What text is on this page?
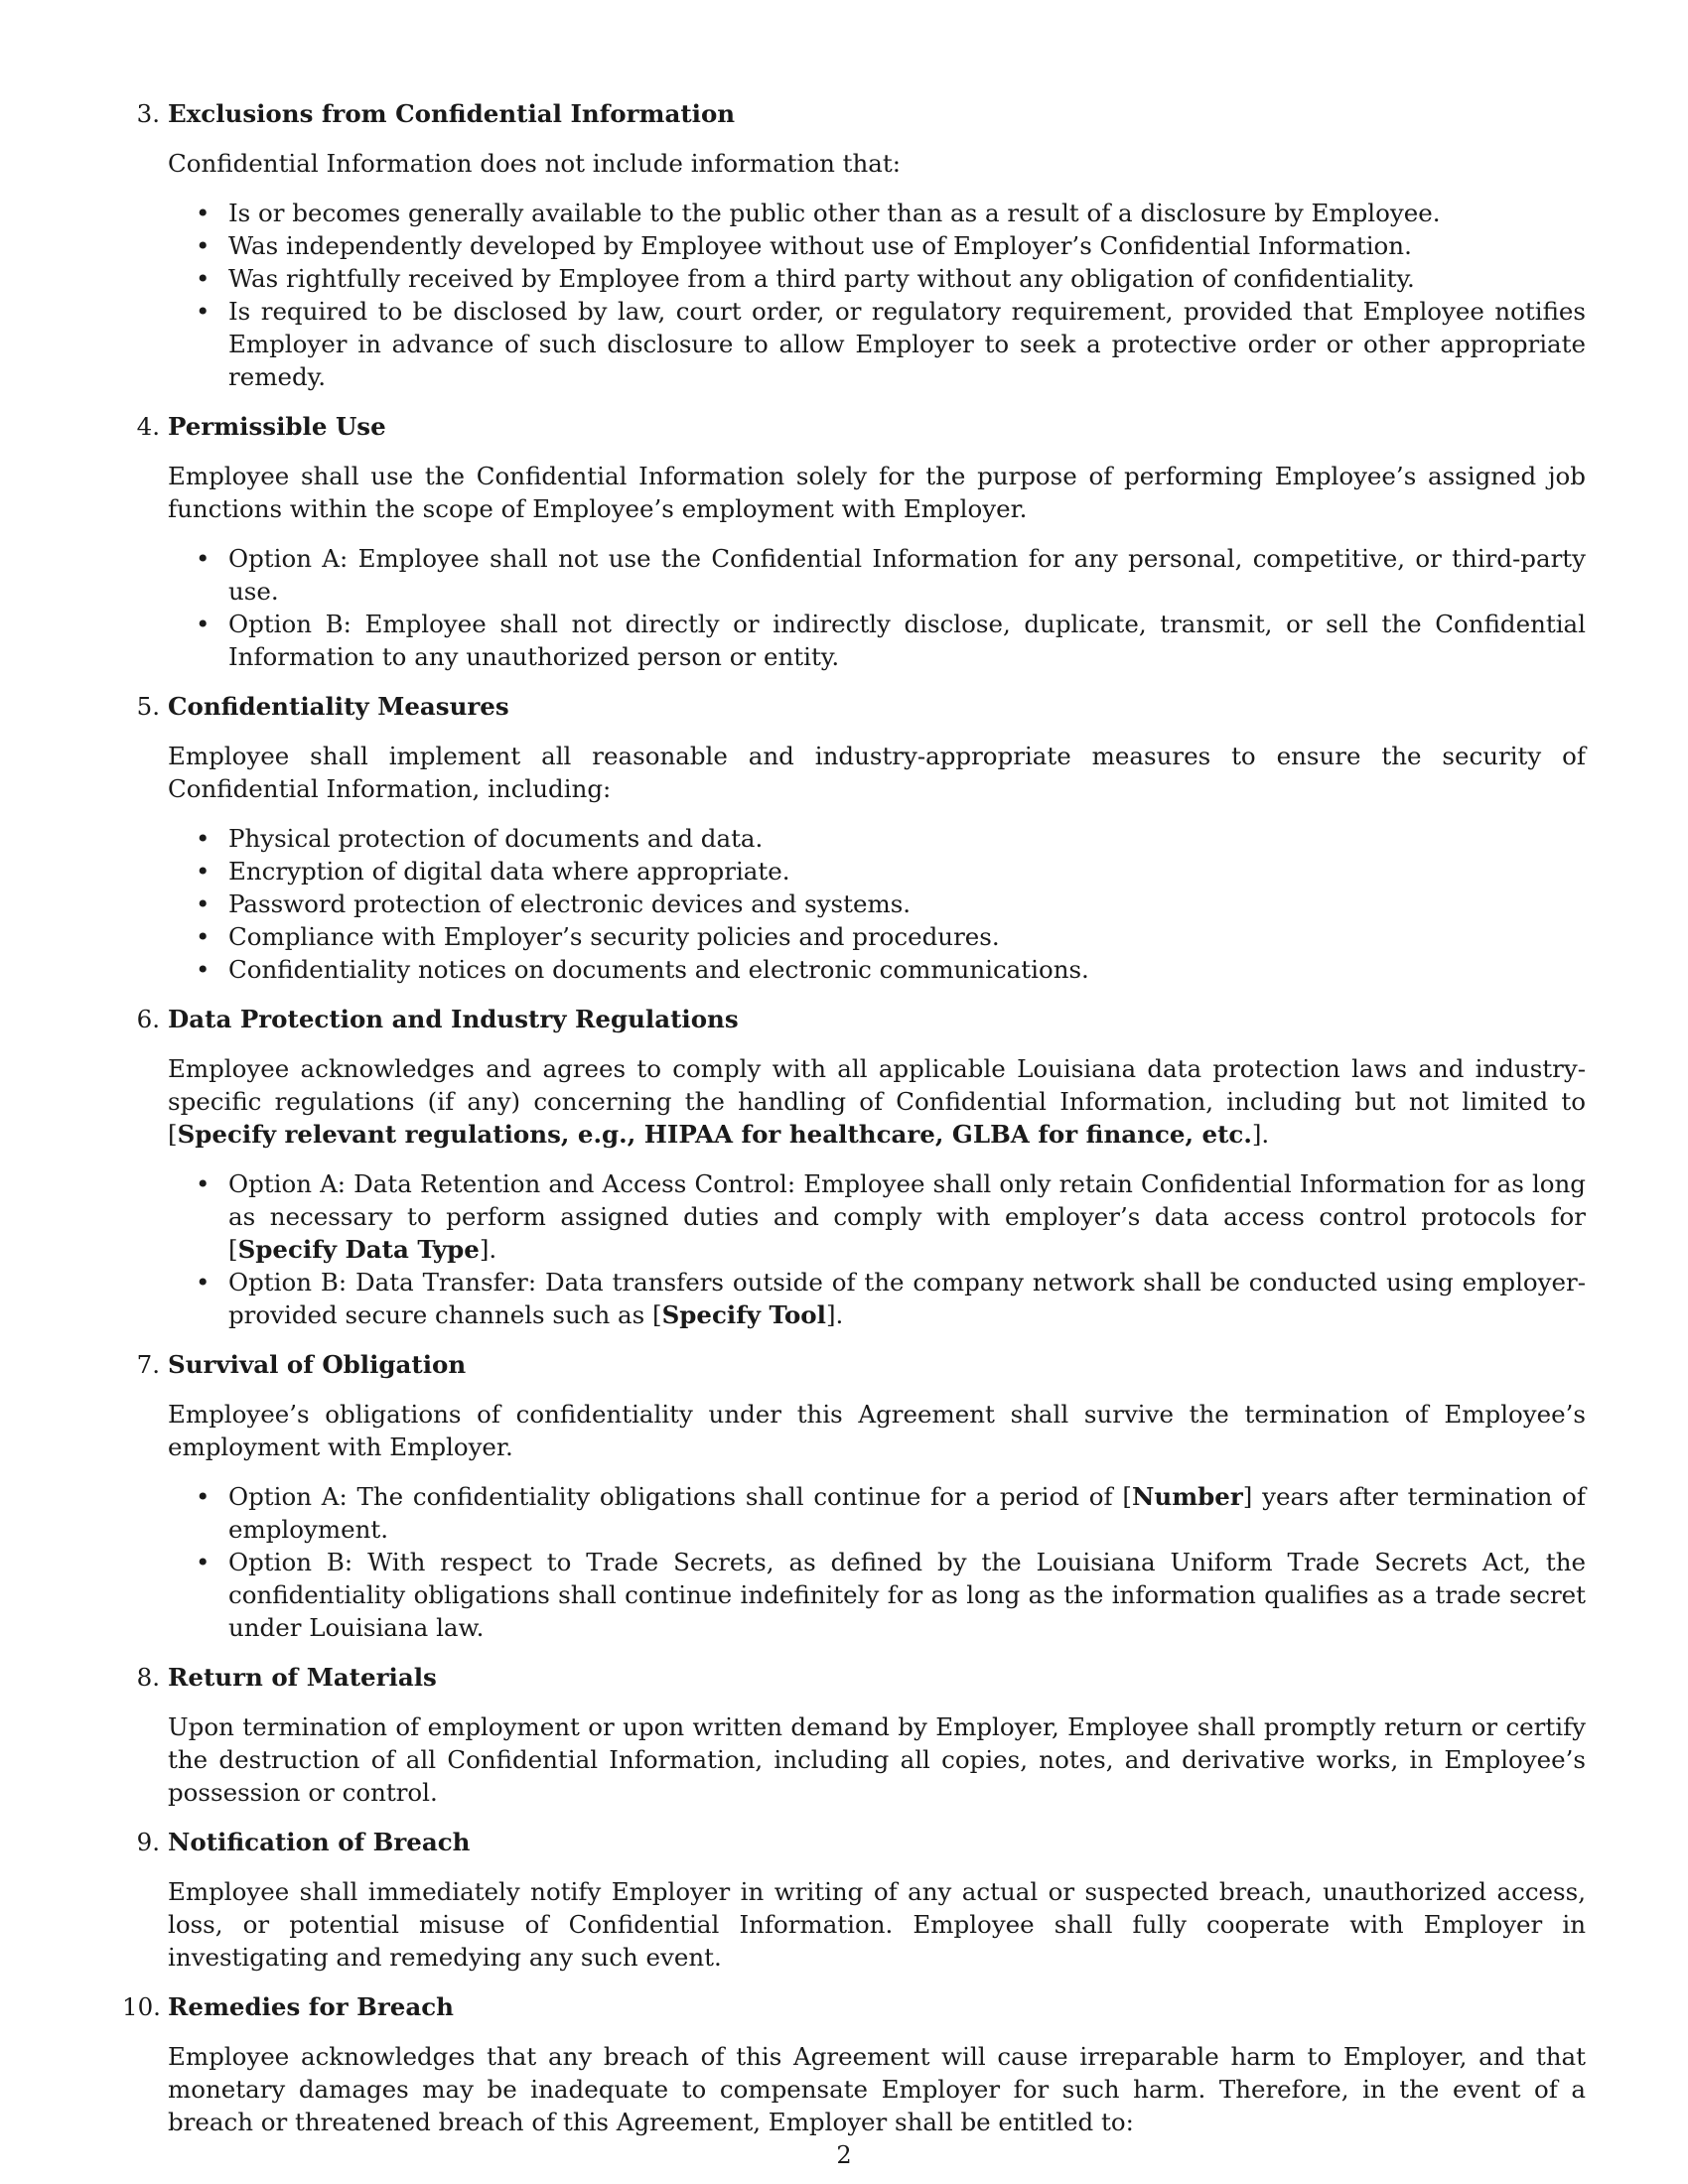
3. Exclusions from Confidential Information

Confidential Information does not include information that:

• Is or becomes generally available to the public other than as a result of a disclosure by Employee.
• Was independently developed by Employee without use of Employer’s Confidential Information.
• Was rightfully received by Employee from a third party without any obligation of confidentiality.
• Is required to be disclosed by law, court order, or regulatory requirement, provided that Employee notifies Employer in advance of such disclosure to allow Employer to seek a protective order or other appropriate remedy.
4. Permissible Use

Employee shall use the Confidential Information solely for the purpose of performing Employee’s assigned job functions within the scope of Employee’s employment with Employer.

• Option A: Employee shall not use the Confidential Information for any personal, competitive, or third-party use.
• Option B: Employee shall not directly or indirectly disclose, duplicate, transmit, or sell the Confidential Information to any unauthorized person or entity.
5. Confidentiality Measures

Employee shall implement all reasonable and industry-appropriate measures to ensure the security of Confidential Information, including:

• Physical protection of documents and data.
• Encryption of digital data where appropriate.
• Password protection of electronic devices and systems.
• Compliance with Employer’s security policies and procedures.
• Confidentiality notices on documents and electronic communications.
6. Data Protection and Industry Regulations

Employee acknowledges and agrees to comply with all applicable Louisiana data protection laws and industry-specific regulations (if any) concerning the handling of Confidential Information, including but not limited to [Specify relevant regulations, e.g., HIPAA for healthcare, GLBA for finance, etc.].

• Option A: Data Retention and Access Control: Employee shall only retain Confidential Information for as long as necessary to perform assigned duties and comply with employer’s data access control protocols for [Specify Data Type].
• Option B: Data Transfer: Data transfers outside of the company network shall be conducted using employer-provided secure channels such as [Specify Tool].
7. Survival of Obligation

Employee’s obligations of confidentiality under this Agreement shall survive the termination of Employee’s employment with Employer.

• Option A: The confidentiality obligations shall continue for a period of [Number] years after termination of employment.
• Option B: With respect to Trade Secrets, as defined by the Louisiana Uniform Trade Secrets Act, the confidentiality obligations shall continue indefinitely for as long as the information qualifies as a trade secret under Louisiana law.
8. Return of Materials

Upon termination of employment or upon written demand by Employer, Employee shall promptly return or certify the destruction of all Confidential Information, including all copies, notes, and derivative works, in Employee’s possession or control.

9. Notification of Breach

Employee shall immediately notify Employer in writing of any actual or suspected breach, unauthorized access, loss, or potential misuse of Confidential Information. Employee shall fully cooperate with Employer in investigating and remedying any such event.

10. Remedies for Breach

Employee acknowledges that any breach of this Agreement will cause irreparable harm to Employer, and that monetary damages may be inadequate to compensate Employer for such harm. Therefore, in the event of a breach or threatened breach of this Agreement, Employer shall be entitled to:

2
